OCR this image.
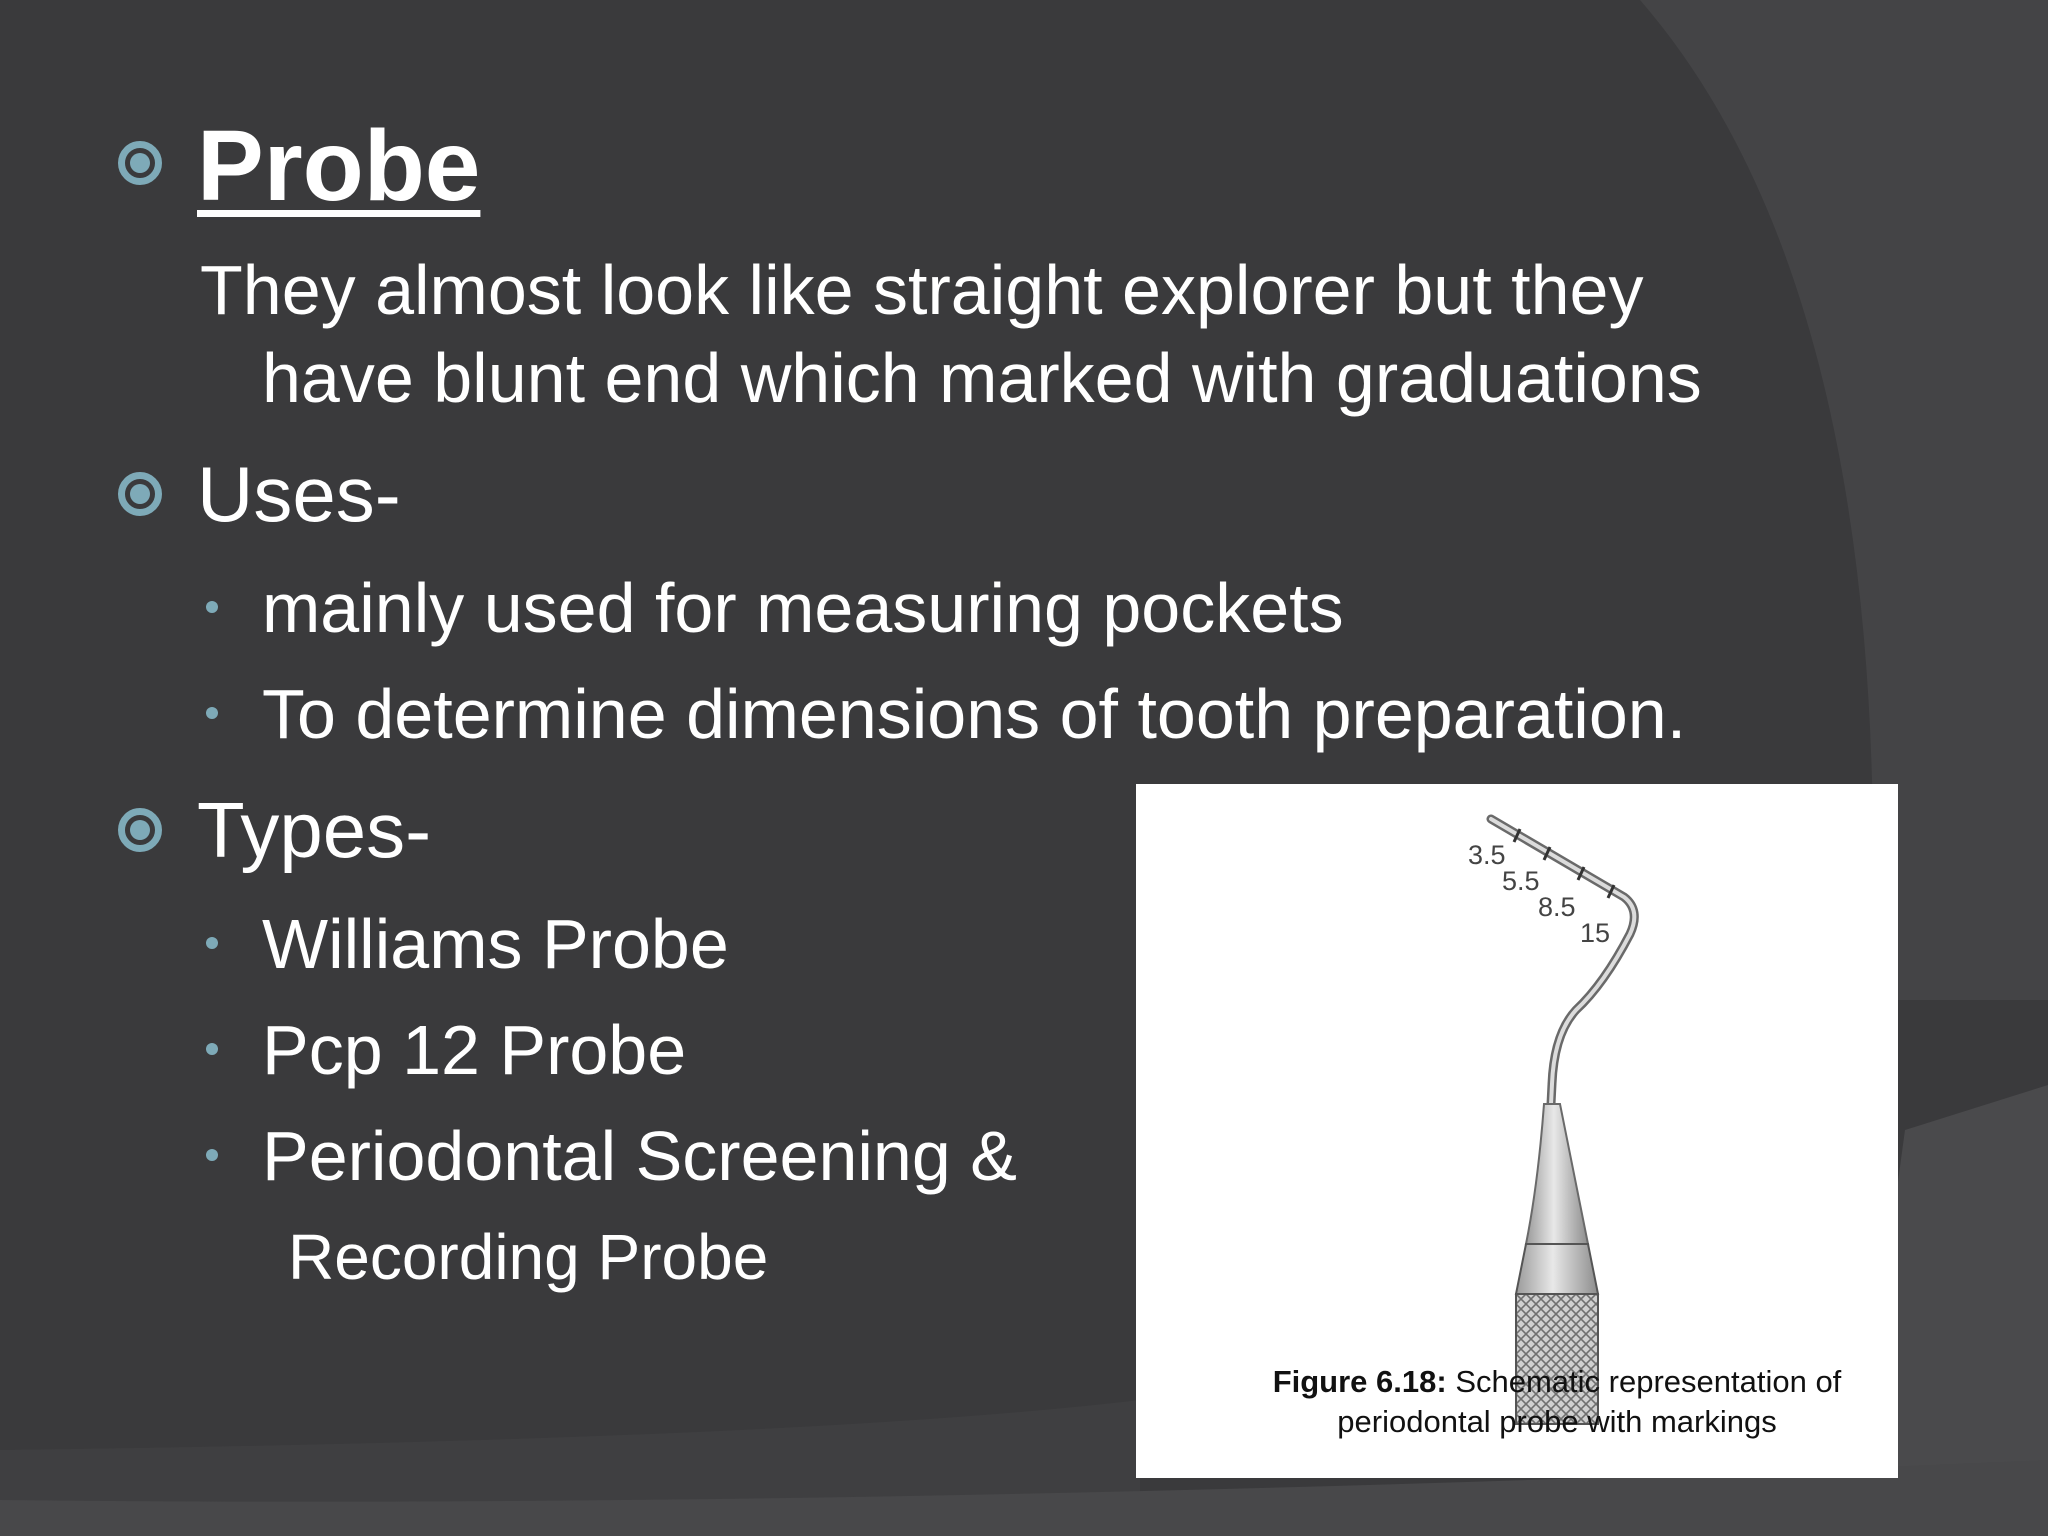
Probe
They almost look like straight explorer but they
have blunt end which marked with graduations
Uses-
mainly used for measuring pockets
To determine dimensions of tooth preparation.
Types-
Williams Probe
Pcp 12 Probe
Periodontal Screening &
Recording Probe
3.5
5.5
8.5
15
Figure 6.18: Schematic representation of
periodontal probe with markings
